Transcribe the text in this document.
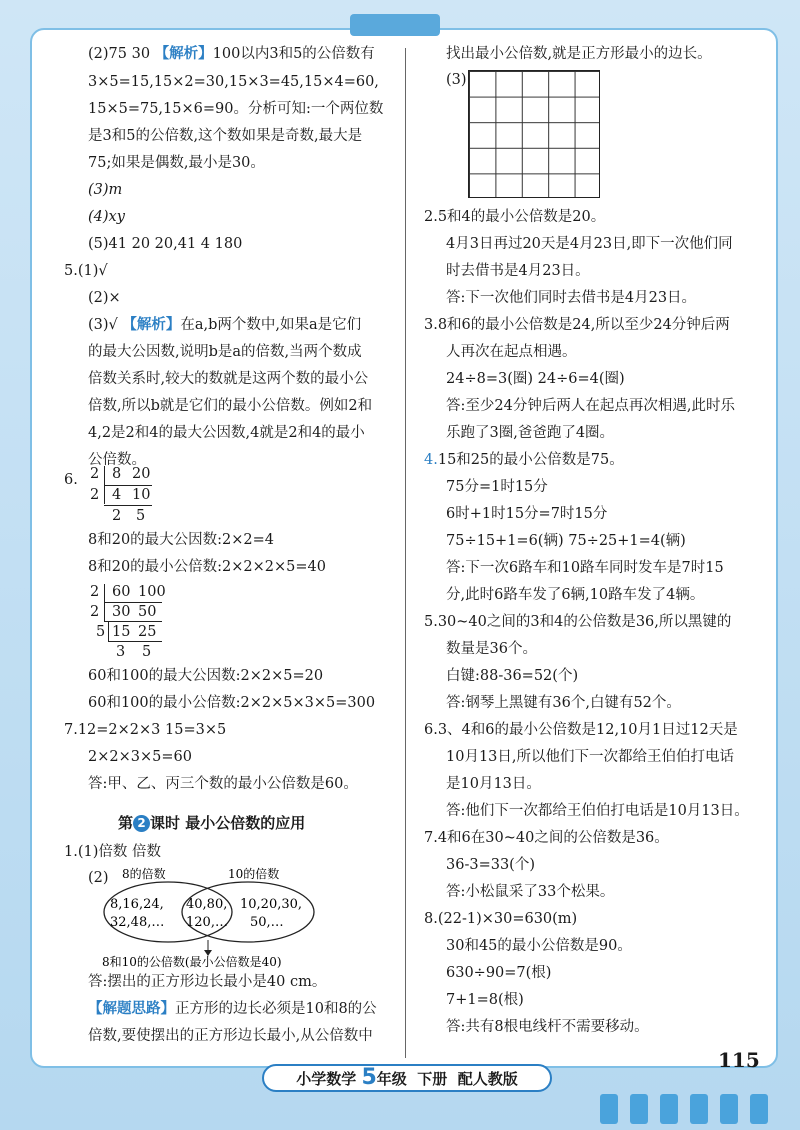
(2)75 30 【解析】100以内3和5的公倍数有
3×5=15,15×2=30,15×3=45,15×4=60,
15×5=75,15×6=90。分析可知:一个两位数
是3和5的公倍数,这个数如果是奇数,最大是
75;如果是偶数,最小是30。
(3)m
(4)xy
(5)41 20 20,41 4 180
5.(1)√
(2)×
(3)√ 【解析】在a,b两个数中,如果a是它们
的最大公因数,说明b是a的倍数,当两个数成
倍数关系时,较大的数就是这两个数的最小公
倍数,所以b就是它们的最小公倍数。例如2和
4,2是2和4的最大公因数,4就是2和4的最小
公倍数。
6. 2 8 20
2 4 10
2 5
8和20的最大公因数:2×2=4
8和20的最小公倍数:2×2×2×5=40
2 60 100
2 30 50
5 15 25
3 5
60和100的最大公因数:2×2×5=20
60和100的最小公倍数:2×2×5×3×5=300
7.12=2×2×3 15=3×5
2×2×3×5=60
答:甲、乙、丙三个数的最小公倍数是60。
第 2 课时 最小公倍数的应用
1.(1)倍数 倍数
(2) 8的倍数	10的倍数
8,16,24,
32,48,…
40,80,
120,…
10,20,30,
50,…
8和10的公倍数(最小公倍数是40)
答:摆出的正方形边长最小是40 cm。
【解题思路】正方形的边长必须是10和8的公
倍数,要使摆出的正方形边长最小,从公倍数中
找出最小公倍数,就是正方形最小的边长。
(3)
2.5和4的最小公倍数是20。
4月3日再过20天是4月23日,即下一次他们同
时去借书是4月23日。
答:下一次他们同时去借书是4月23日。
3.8和6的最小公倍数是24,所以至少24分钟后两
人再次在起点相遇。
24÷8=3(圈) 24÷6=4(圈)
答:至少24分钟后两人在起点再次相遇,此时乐
乐跑了3圈,爸爸跑了4圈。
4.15和25的最小公倍数是75。
75分=1时15分
6时+1时15分=7时15分
75÷15+1=6(辆) 75÷25+1=4(辆)
答:下一次6路车和10路车同时发车是7时15
分,此时6路车发了6辆,10路车发了4辆。
5.30~40之间的3和4的公倍数是36,所以黑键的
数量是36个。
白键:88-36=52(个)
答:钢琴上黑键有36个,白键有52个。
6.3、4和6的最小公倍数是12,10月1日过12天是
10月13日,所以他们下一次都给王伯伯打电话
是10月13日。
答:他们下一次都给王伯伯打电话是10月13日。
7.4和6在30~40之间的公倍数是36。
36-3=33(个)
答:小松鼠采了33个松果。
8.(22-1)×30=630(m)
30和45的最小公倍数是90。
630÷90=7(根)
7+1=8(根)
答:共有8根电线杆不需要移动。
115
小学数学 5年级 下册 配人教版
